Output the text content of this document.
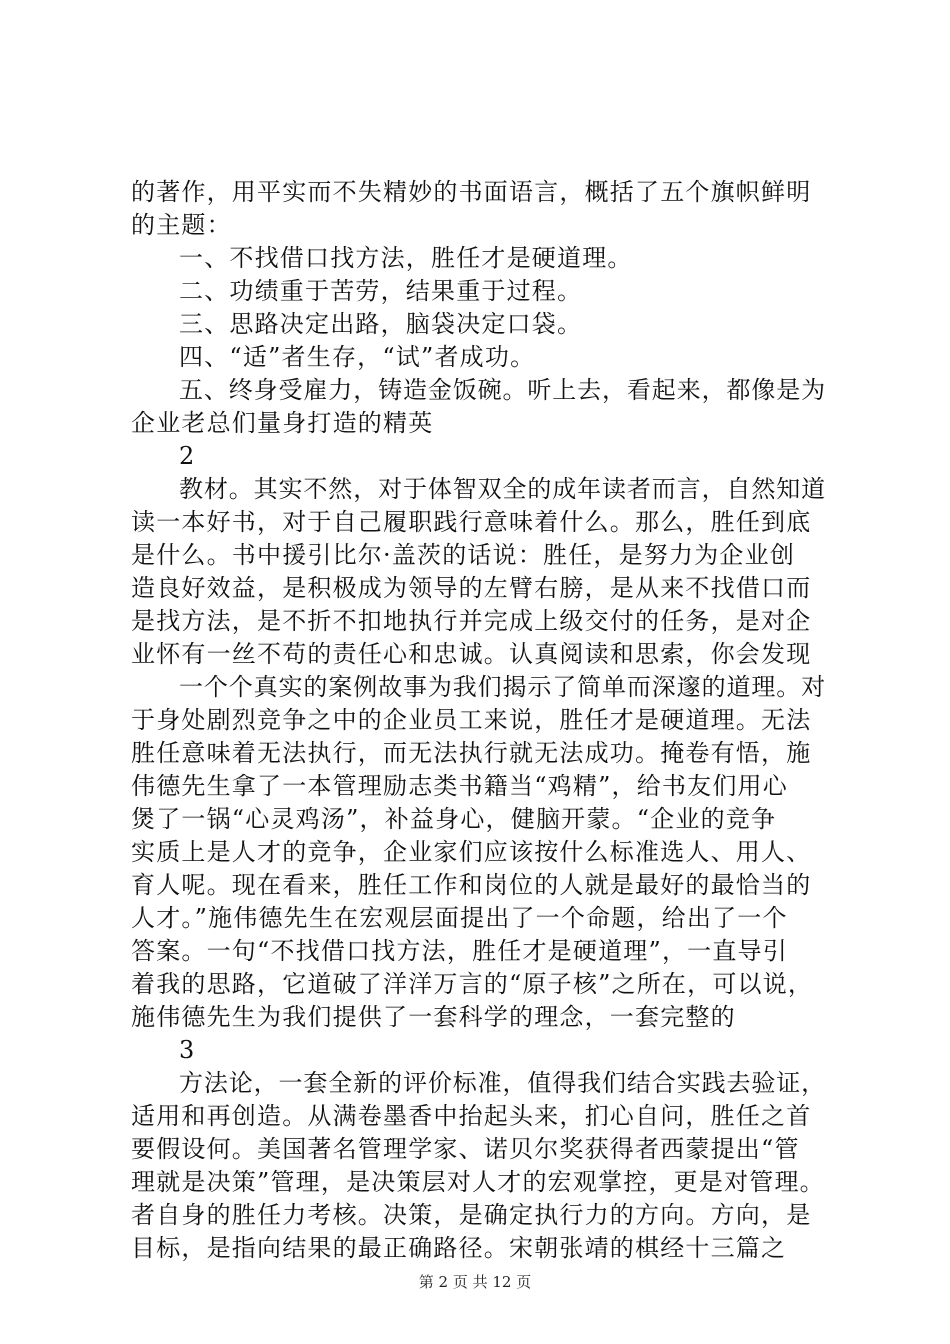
的著作，用平实而不失精妙的书面语言，概括了五个旗帜鲜明
的主题：
一、不找借口找方法，胜任才是硬道理。
二、功绩重于苦劳，结果重于过程。
三、思路决定出路，脑袋决定口袋。
四、“适”者生存，“试”者成功。
五、终身受雇力，铸造金饭碗。听上去，看起来，都像是为
企业老总们量身打造的精英
2
教材。其实不然，对于体智双全的成年读者而言，自然知道
读一本好书，对于自己履职践行意味着什么。那么，胜任到底
是什么。书中援引比尔·盖茨的话说：胜任，是努力为企业创
造良好效益，是积极成为领导的左臂右膀，是从来不找借口而
是找方法，是不折不扣地执行并完成上级交付的任务，是对企
业怀有一丝不苟的责任心和忠诚。认真阅读和思索，你会发现
一个个真实的案例故事为我们揭示了简单而深邃的道理。对
于身处剧烈竞争之中的企业员工来说，胜任才是硬道理。无法
胜任意味着无法执行，而无法执行就无法成功。掩卷有悟，施
伟德先生拿了一本管理励志类书籍当“鸡精”，给书友们用心
煲了一锅“心灵鸡汤”，补益身心，健脑开蒙。“企业的竞争
实质上是人才的竞争，企业家们应该按什么标准选人、用人、
育人呢。现在看来，胜任工作和岗位的人就是最好的最恰当的
人才。”施伟德先生在宏观层面提出了一个命题，给出了一个
答案。一句“不找借口找方法，胜任才是硬道理”，一直导引
着我的思路，它道破了洋洋万言的“原子核”之所在，可以说，
施伟德先生为我们提供了一套科学的理念，一套完整的
3
方法论，一套全新的评价标准，值得我们结合实践去验证，
适用和再创造。从满卷墨香中抬起头来，扪心自问，胜任之首
要假设何。美国著名管理学家、诺贝尔奖获得者西蒙提出“管
理就是决策”管理，是决策层对人才的宏观掌控，更是对管理。
者自身的胜任力考核。决策，是确定执行力的方向。方向，是
目标，是指向结果的最正确路径。宋朝张靖的棋经十三篇之
第 2 页 共 12 页
